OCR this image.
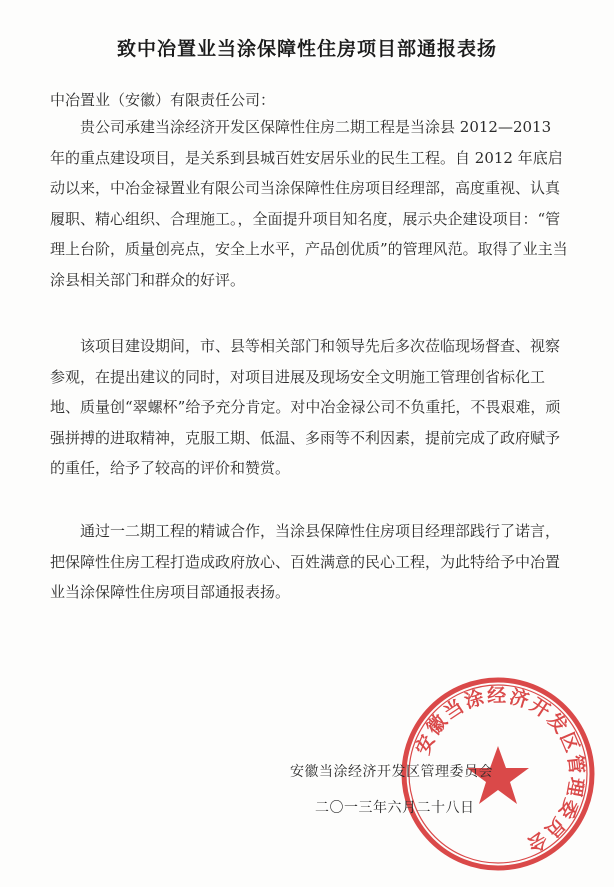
致中冶置业当涂保障性住房项目部通报表扬
中冶置业（安徽）有限责任公司：

贵公司承建当涂经济开发区保障性住房二期工程是当涂县 2012—2013 年的重点建设项目，是关系到县城百姓安居乐业的民生工程。自 2012 年底启动以来，中冶金禄置业有限公司当涂保障性住房项目经理部，高度重视、认真履职、精心组织、合理施工。，全面提升项目知名度，展示央企建设项目：“管理上台阶，质量创亮点，安全上水平，产品创优质”的管理风范。取得了业主当涂县相关部门和群众的好评。

该项目建设期间，市、县等相关部门和领导先后多次莅临现场督查、视察参观，在提出建议的同时，对项目进展及现场安全文明施工管理创省标化工地、质量创“翠螺杯”给予充分肯定。对中冶金禄公司不负重托，不畏艰难，顽强拼搏的进取精神，克服工期、低温、多雨等不利因素，提前完成了政府赋予的重任，给予了较高的评价和赞赏。

通过一二期工程的精诚合作，当涂县保障性住房项目经理部践行了诺言，把保障性住房工程打造成政府放心、百姓满意的民心工程，为此特给予中冶置业当涂保障性住房项目部通报表扬。

安徽当涂经济开发区管理委员会
安徽当涂经济开发区管理委员会
二〇一三年六月二十八日
